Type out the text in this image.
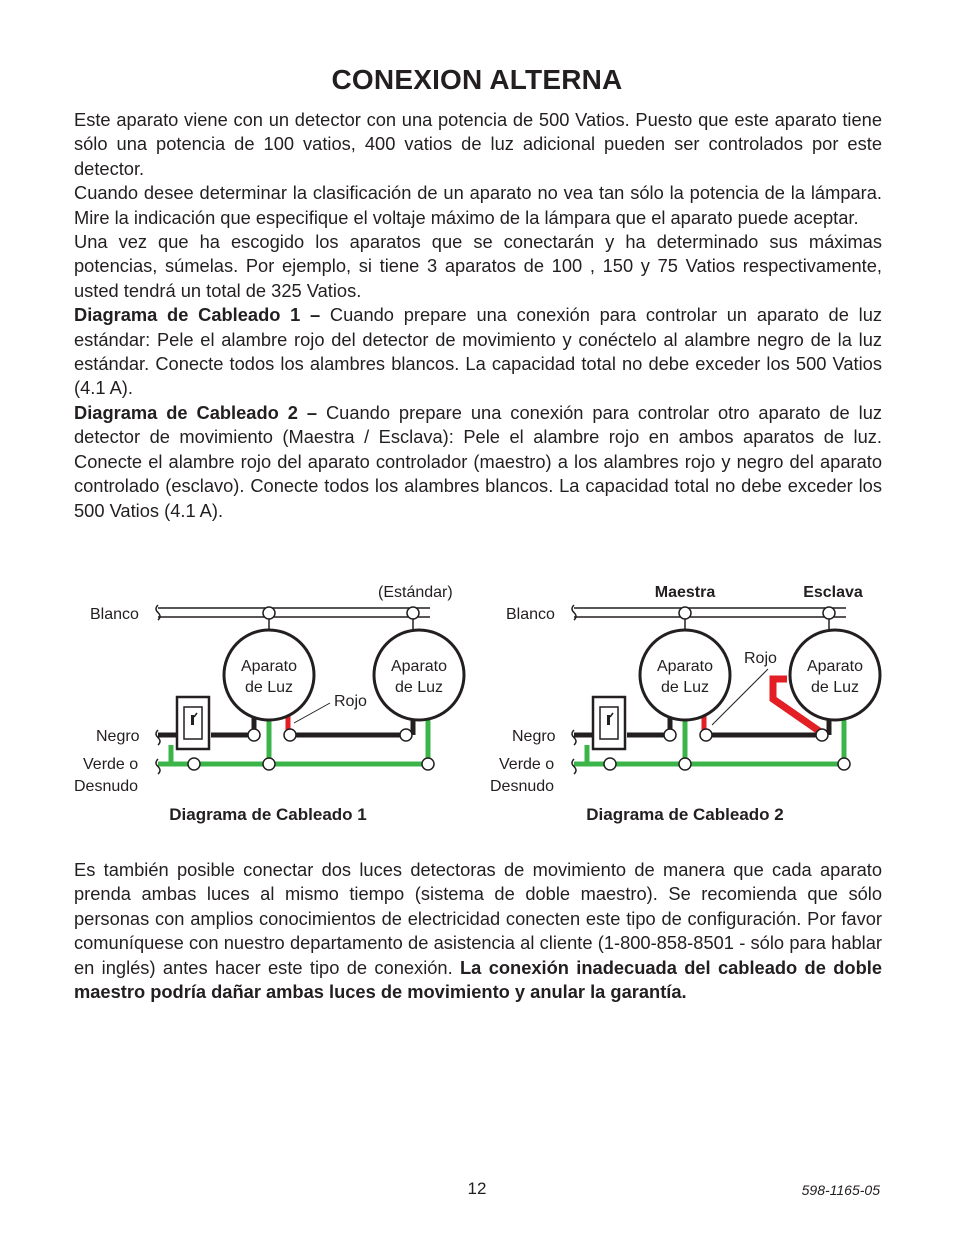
CONEXION ALTERNA

Este aparato viene con un detector con una potencia de 500 Vatios. Puesto que este aparato tiene sólo una potencia de 100 vatios, 400 vatios de luz adicional pueden ser controlados por este detector.

Cuando desee determinar la clasificación de un aparato no vea tan sólo la potencia de la lámpara. Mire la indicación que especifique el voltaje máximo de la lámpara que el aparato puede aceptar.

Una vez que ha escogido los aparatos que se conectarán y ha determinado sus máximas potencias, súmelas. Por ejemplo, si tiene 3 aparatos de 100 , 150 y 75 Vatios respectivamente, usted tendrá un total de 325 Vatios.

Diagrama de Cableado 1 – Cuando prepare una conexión para controlar un aparato de luz estándar: Pele el alambre rojo del detector de movimiento y conéctelo al alambre negro de la luz estándar. Conecte todos los alambres blancos. La capacidad total no debe exceder los 500 Vatios (4.1 A).

Diagrama de Cableado 2 – Cuando prepare una conexión para controlar otro aparato de luz detector de movimiento (Maestra / Esclava): Pele el alambre rojo en ambos aparatos de luz. Conecte el alambre rojo del aparato controlador (maestro) a los alambres rojo y negro del aparato controlado (esclavo). Conecte todos los alambres blancos. La capacidad total no debe exceder los 500 Vatios (4.1 A).

Blanco
Negro
Verde o
Desnudo
(Estándar)
Rojo
Aparato
de Luz
Aparato
de Luz
Diagrama de Cableado 1
Blanco
Negro
Verde o
Desnudo
Maestra	Esclava
Rojo
Aparato
de Luz
Aparato
de Luz
Diagrama de Cableado 2

Es también posible conectar dos luces detectoras de movimiento de manera que cada aparato prenda ambas luces al mismo tiempo (sistema de doble maestro). Se recomienda que sólo personas con amplios conocimientos de electricidad conecten este tipo de configuración. Por favor comuníquese con nuestro departamento de asistencia al cliente (1-800-858-8501 - sólo para hablar en inglés) antes hacer este tipo de conexión. La conexión inadecuada del cableado de doble maestro podría dañar ambas luces de movimiento y anular la garantía.

12	598-1165-05
